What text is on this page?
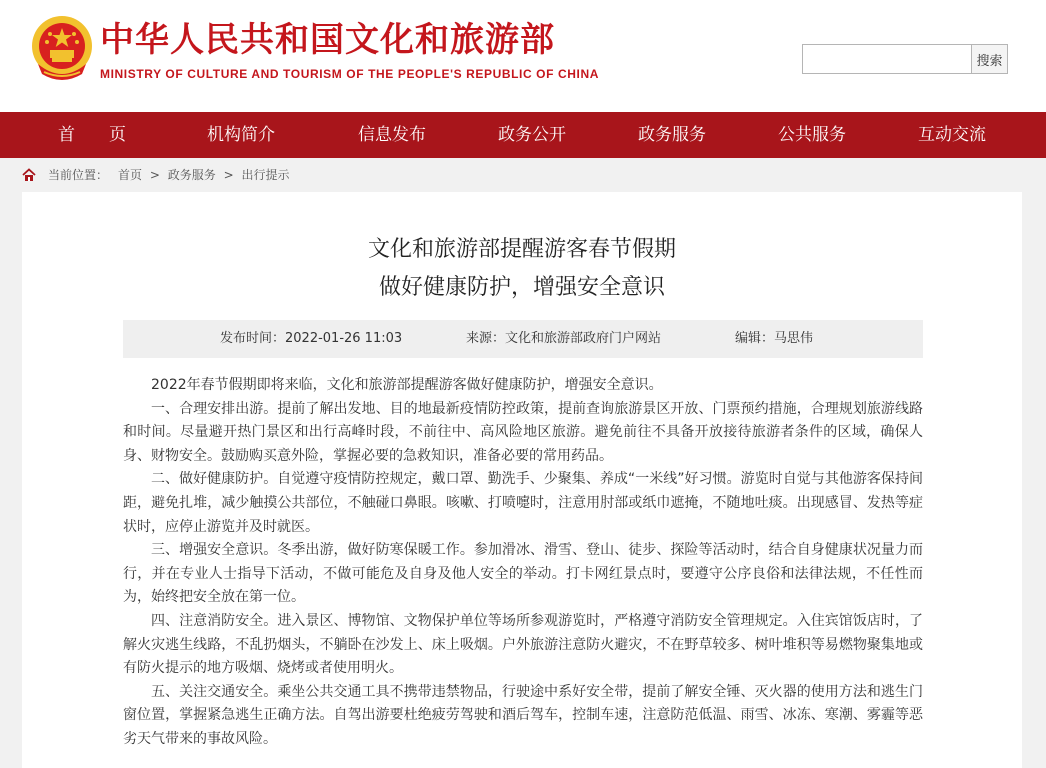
中华人民共和国文化和旅游部
MINISTRY OF CULTURE AND TOURISM OF THE PEOPLE'S REPUBLIC OF CHINA
搜索
首　　页	机构简介	信息发布	政务公开	政务服务	公共服务	互动交流
当前位置： 首页 > 政务服务 > 出行提示
文化和旅游部提醒游客春节假期
做好健康防护，增强安全意识
发布时间：2022-01-26 11:03	来源：文化和旅游部政府门户网站	编辑：马思伟

2022年春节假期即将来临，文化和旅游部提醒游客做好健康防护，增强安全意识。

一、合理安排出游。提前了解出发地、目的地最新疫情防控政策，提前查询旅游景区开放、门票预约措施，合理规划旅游线路和时间。尽量避开热门景区和出行高峰时段，不前往中、高风险地区旅游。避免前往不具备开放接待旅游者条件的区域，确保人身、财物安全。鼓励购买意外险，掌握必要的急救知识，准备必要的常用药品。

二、做好健康防护。自觉遵守疫情防控规定，戴口罩、勤洗手、少聚集、养成“一米线”好习惯。游览时自觉与其他游客保持间距，避免扎堆，减少触摸公共部位，不触碰口鼻眼。咳嗽、打喷嚏时，注意用肘部或纸巾遮掩，不随地吐痰。出现感冒、发热等症状时，应停止游览并及时就医。

三、增强安全意识。冬季出游，做好防寒保暖工作。参加滑冰、滑雪、登山、徒步、探险等活动时，结合自身健康状况量力而行，并在专业人士指导下活动，不做可能危及自身及他人安全的举动。打卡网红景点时，要遵守公序良俗和法律法规，不任性而为，始终把安全放在第一位。

四、注意消防安全。进入景区、博物馆、文物保护单位等场所参观游览时，严格遵守消防安全管理规定。入住宾馆饭店时，了解火灾逃生线路，不乱扔烟头，不躺卧在沙发上、床上吸烟。户外旅游注意防火避灾，不在野草较多、树叶堆积等易燃物聚集地或有防火提示的地方吸烟、烧烤或者使用明火。

五、关注交通安全。乘坐公共交通工具不携带违禁物品，行驶途中系好安全带，提前了解安全锤、灭火器的使用方法和逃生门窗位置，掌握紧急逃生正确方法。自驾出游要杜绝疲劳驾驶和酒后驾车，控制车速，注意防范低温、雨雪、冰冻、寒潮、雾霾等恶劣天气带来的事故风险。
